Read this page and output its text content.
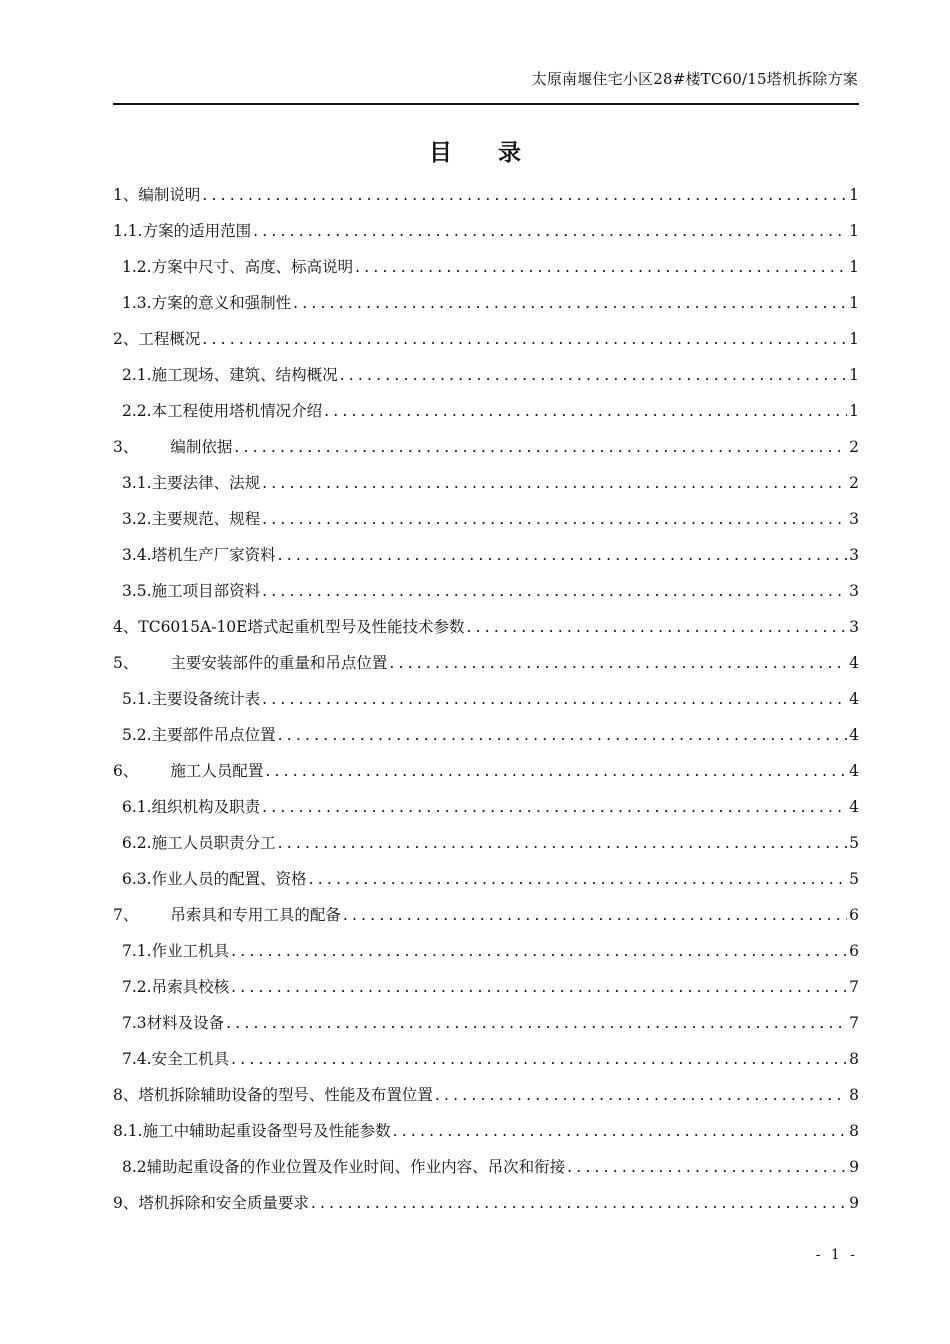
太原南堰住宅小区28#楼TC60/15塔机拆除方案
目录
1、编制说明 .....	1
1.1.方案的适用范围 .....	1
1.2.方案中尺寸、高度、标高说明 .....	1
1.3.方案的意义和强制性 .....	1
2、工程概况 .....	1
2.1.施工现场、建筑、结构概况 .....	1
2.2.本工程使用塔机情况介绍 .....	1
3、 编制依据 .....	2
3.1.主要法律、法规 .....	2
3.2.主要规范、规程 .....	3
3.4.塔机生产厂家资料 .....	3
3.5.施工项目部资料 .....	3
4、TC6015A-10E塔式起重机型号及性能技术参数 .....	3
5、 主要安装部件的重量和吊点位置 .....	4
5.1.主要设备统计表 .....	4
5.2.主要部件吊点位置 .....	4
6、 施工人员配置 .....	4
6.1.组织机构及职责 .....	4
6.2.施工人员职责分工 .....	5
6.3.作业人员的配置、资格 .....	5
7、 吊索具和专用工具的配备 .....	6
7.1.作业工机具 .....	6
7.2.吊索具校核 .....	7
7.3材料及设备 .....	7
7.4.安全工机具 .....	8
8、塔机拆除辅助设备的型号、性能及布置位置 .....	8
8.1.施工中辅助起重设备型号及性能参数 .....	8
8.2辅助起重设备的作业位置及作业时间、作业内容、吊次和衔接 .....	9
9、塔机拆除和安全质量要求 .....	9
- 1 -
